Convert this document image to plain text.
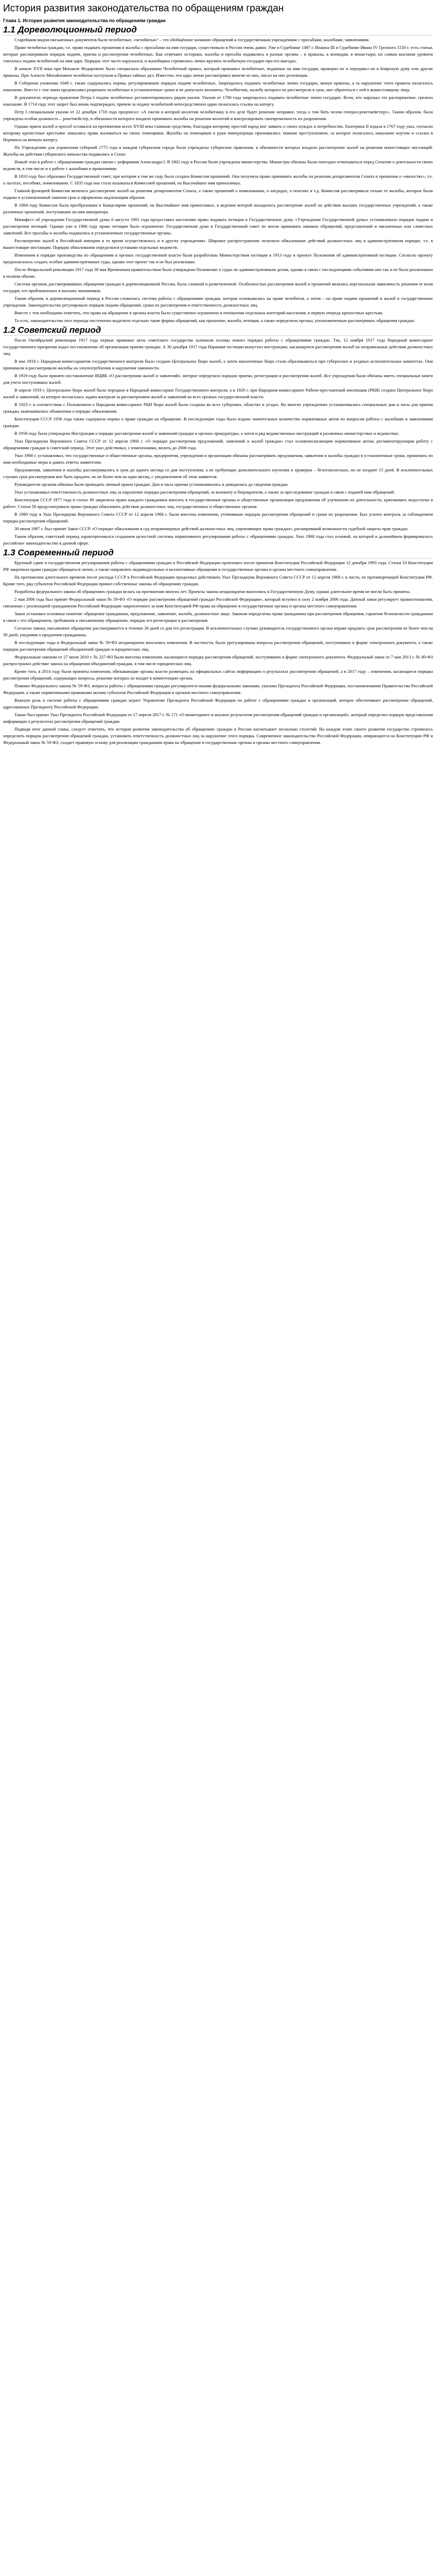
История развития законодательства по обращениям граждан
Глава 1. История развития законодательства по обращениям граждан
1.1 Дореволюционный период

Старейшим видом письменных документов были челобитные, «челобитья»¹ – это обобщённое название обращений к государственным учреждениям с просьбами, жалобами, заявлениями.

Право челобитья граждан, т.е. право подавать прошения и жалобы с просьбами на имя государя, существовало в России очень давно. Уже в Судебнике 1497 г. Иоанна III и Судебнике Ивана IV Грозного 1550 г. есть статьи, которые рассматривали порядок подачи, приема и рассмотрения челобитных. Как отмечают историки, жалобы и просьбы подавались в разные органы – в приказы, к воеводам, в монастыри, но самым высоким уровнем считалась подача челобитной на имя царя. Порядок этот часто нарушался, и жалобщики стремились лично вручить челобитную государю при его выездах.

В начале XVII века при Михаиле Федоровиче было специально образовано Челобитный приказ, который принимал челобитные, поданные на имя государя, проверял их и передавал их в Боярскую думу или другие приказы. При Алексее Михайловиче челобитья поступали в Приказ тайных дел. Известно, что царь лично рассматривал многие из них, писал на них резолюции.

В Соборном уложении 1649 г. также содержались нормы, регулировавшие порядок подачи челобитных. Запрещалось подавать челобитные лично государю, минуя приказы, а за нарушение этого правила налагалось наказание. Вместе с тем закон предписывал разрешать челобитные в установленные сроки и не допускать волокиты. Челобитчик, жалобу которого не рассмотрели в срок, мог обратиться с ней к вышестоящему лицу.

В документах периода правления Петра I подача челобитных регламентировалась рядом указов. Указом от 1700 года запрещалось подавать челобитные лично государю. Всем, кто нарушал это распоряжение, грозило наказание. В 1714 году этот запрет был вновь подтвержден, причем за подачу челобитной непосредственно царю полагалась ссылка на каторгу.

Петр I специальным указом от 22 декабря 1718 года предписал: «А ежели в которой коллегии челобитчику в его деле будет решение неправое, тогда о том бить челом генерал-рекетмейстеру». Таким образом, была учреждена особая должность – рекетмейстер, в обязанности которого входило принимать жалобы на решения коллегий и контролировать своевременность их разрешения.

Однако прием жалоб и просьб оставался на протяжении всего XVIII века главным средством, благодаря которому простой народ мог заявить о своих нуждах и потребностях. Екатерина II издала в 1767 году указ, согласно которому крепостные крестьяне лишались права жаловаться на своих помещиков. Жалобы на помещиков в руки императрицы признавались тяжким преступлением, за которое полагалось наказание кнутом и ссылка в Нерчинск на вечную каторгу.

По Учреждению для управления губерний 1775 года в каждом губернском городе были учреждены губернские правления, в обязанности которых входило рассмотрение жалоб на решения нижестоящих инстанций. Жалобы на действия губернского начальства подавались в Сенат.

Новый этап в работе с обращениями граждан связан с реформами Александра I. В 1802 году в России были учреждены министерства. Министры обязаны были ежегодно отчитываться перед Сенатом о деятельности своих ведомств, в том числе и о работе с жалобами и прошениями.

В 1810 году был образован Государственный совет, при котором в том же году была создана Комиссия прошений. Она получила право принимать жалобы на решения департаментов Сената и прошения о «милостях», т.е. о льготах, пособиях, помиловании. С 1835 года она стала называться Комиссией прошений, на Высочайшее имя приносимых.

Главной функцией Комиссии являлось рассмотрение жалоб на решения департаментов Сената, а также прошений о помиловании, о наградах, о пенсиях и т.д. Комиссия рассматривала только те жалобы, которые были поданы в установленный законом срок и оформлены надлежащим образом.

В 1884 году Комиссия была преобразована в Канцелярию прошений, на Высочайшее имя приносимых, в ведении которой находилось рассмотрение жалоб на действия высших государственных учреждений, а также различных прошений, поступавших на имя императора.

Манифест об учреждении Государственной думы 6 августа 1905 года предоставил населению право подавать петиции в Государственную думу. «Учреждение Государственной думы» устанавливало порядок подачи и рассмотрения петиций. Однако уже в 1906 году право петиции было ограничено: Государственная дума и Государственный совет не могли принимать никаких обращений, представлений и письменных или словесных заявлений. Все просьбы и жалобы подавались в установленные государственные органы.

Рассмотрение жалоб в Российской империи в то время осуществлялось и в других учреждениях. Широкое распространение получило обжалование действий должностных лиц в административном порядке, т.е. в вышестоящие инстанции. Порядок обжалования определялся уставами отдельных ведомств.

Изменения в порядке производства по обращениям в органах государственной власти были разработаны Министерством юстиции в 1913 году в проекте Положения об административной юстиции. Согласно проекту предполагалось создать особые административные суды, однако этот проект так и не был реализован.

После Февральской революции 1917 года 30 мая Временным правительством было утверждено Положение о судах по административным делам, однако в связи с последующими событиями оно так и не было реализовано в полном объеме.

Система органов, рассматривавших обращения граждан в дореволюционной России, была сложной и разветвленной. Особенностью рассмотрения жалоб и прошений являлась персональная зависимость решения от воли государя, его приближенных и высших чиновников.

Таким образом, в дореволюционный период в России сложилась система работы с обращениями граждан, которая основывалась на праве челобитья, а затем – на праве подачи прошений и жалоб в государственные учреждения. Законодательство регулировало порядок подачи обращений, сроки их рассмотрения и ответственность должностных лиц.

Вместе с тем необходимо отметить, что право на обращение в органы власти было существенно ограничено в отношении отдельных категорий населения, в первую очередь крепостных крестьян.

То есть, законодательство того периода постепенно выделило отдельно такие формы обращений, как прошение, жалоба, петиция, а также определило органы, уполномоченные рассматривать обращения граждан.

1.2 Советский период

После Октябрьской революции 1917 года первые правовые акты советского государства заложили основы нового порядка работы с обращениями граждан. Так, 12 ноября 1917 года Народный комиссариат государственного призрения издал постановление об организации приема граждан. А 30 декабря 1917 года Наркомат юстиции выпустил инструкцию, касающуюся рассмотрения жалоб на неправильные действия должностных лиц.

В мае 1918 г. Народным комиссариатом государственного контроля было создано Центральное бюро жалоб, а затем аналогичные бюро стали образовываться при губернских и уездных исполнительных комитетах. Они принимали и рассматривали жалобы на злоупотребления и нарушения законности.

В 1919 году было принято постановление ВЦИК «О рассмотрении жалоб и заявлений», которое определяло порядок приема, регистрации и рассмотрения жалоб. Все учреждения были обязаны иметь специальные книги для учета поступивших жалоб.

В апреле 1919 г. Центральное бюро жалоб было передано в Народный комиссариат Государственного контроля, а в 1920 г. при Народном комиссариате Рабоче-крестьянской инспекции (РКИ) создано Центральное бюро жалоб и заявлений, на которое возлагалась задача контроля за рассмотрением жалоб и заявлений во всех органах государственной власти.

В 1923 г. в соответствии с Положением о Народном комиссариате РКИ бюро жалоб были созданы во всех губерниях, областях и уездах. Во многих учреждениях устанавливались специальные дни и часы для приема граждан, вывешивались объявления о порядке обжалования.

Конституция СССР 1936 года также содержала нормы о праве граждан на обращение. В последующие годы было издано значительное количество нормативных актов по вопросам работы с жалобами и заявлениями граждан.

В 1958 году была утверждена Инструкция о порядке рассмотрения жалоб и заявлений граждан в органах прокуратуры, а затем и ряд ведомственных инструкций в различных министерствах и ведомствах.

Указ Президиума Верховного Совета СССР от 12 апреля 1968 г. «О порядке рассмотрения предложений, заявлений и жалоб граждан» стал основополагающим нормативным актом, регламентирующим работу с обращениями граждан в советский период. Этот указ действовал, с изменениями, вплоть до 2006 года.

Указ 1968 г. устанавливал, что государственные и общественные органы, предприятия, учреждения и организации обязаны рассматривать предложения, заявления и жалобы граждан в установленные сроки, принимать по ним необходимые меры и давать ответы заявителям.

Предложения, заявления и жалобы рассматривались в срок до одного месяца со дня поступления, а не требующие дополнительного изучения и проверки – безотлагательно, но не позднее 15 дней. В исключительных случаях срок рассмотрения мог быть продлен, но не более чем на один месяц, с уведомлением об этом заявителя.

Руководители органов обязаны были проводить личный прием граждан. Дни и часы приема устанавливались и доводились до сведения граждан.

Указ устанавливал ответственность должностных лиц за нарушение порядка рассмотрения обращений, за волокиту и бюрократизм, а также за преследование граждан в связи с подачей ими обращений.

Конституция СССР 1977 года в статье 49 закрепила право каждого гражданина вносить в государственные органы и общественные организации предложения об улучшении их деятельности, критиковать недостатки в работе. Статья 58 предусматривала право граждан обжаловать действия должностных лиц, государственных и общественных органов.

В 1980 году в Указ Президиума Верховного Совета СССР от 12 апреля 1968 г. были внесены изменения, уточнявшие порядок рассмотрения обращений и сроки их разрешения. Был усилен контроль за соблюдением порядка рассмотрения обращений.

30 июня 1987 г. был принят Закон СССР «О порядке обжалования в суд неправомерных действий должностных лиц, ущемляющих права граждан», расширивший возможности судебной защиты прав граждан.

Таким образом, советский период характеризовался созданием целостной системы нормативного регулирования работы с обращениями граждан. Указ 1968 года стал основой, на которой в дальнейшем формировалось российское законодательство в данной сфере.

1.3 Современный период

Крупный сдвиг в государственном регулировании работы с обращениями граждан в Российской Федерации произошел после принятия Конституции Российской Федерации 12 декабря 1993 года. Статья 33 Конституции РФ закрепила право граждан обращаться лично, а также направлять индивидуальные и коллективные обращения в государственные органы и органы местного самоуправления.

На протяжении длительного времени после распада СССР в Российской Федерации продолжал действовать Указ Президиума Верховного Совета СССР от 12 апреля 1968 г. в части, не противоречащей Конституции РФ. Кроме того, ряд субъектов Российской Федерации принял собственные законы об обращениях граждан.

Разработка федерального закона об обращениях граждан велась на протяжении многих лет. Проекты закона неоднократно вносились в Государственную Думу, однако длительное время не могли быть приняты.

2 мая 2006 года был принят Федеральный закон № 59-ФЗ «О порядке рассмотрения обращений граждан Российской Федерации», который вступил в силу 2 ноября 2006 года. Данный закон регулирует правоотношения, связанные с реализацией гражданином Российской Федерации закрепленного за ним Конституцией РФ права на обращение в государственные органы и органы местного самоуправления.

Закон установил основные понятия: обращение гражданина, предложение, заявление, жалоба, должностное лицо. Законом определены права гражданина при рассмотрении обращения, гарантии безопасности гражданина в связи с его обращением, требования к письменному обращению, порядок его регистрации и рассмотрения.

Согласно закону, письменное обращение рассматривается в течение 30 дней со дня его регистрации. В исключительных случаях руководитель государственного органа вправе продлить срок рассмотрения не более чем на 30 дней, уведомив о продлении гражданина.

В последующие годы в Федеральный закон № 59-ФЗ неоднократно вносились изменения. В частности, были урегулированы вопросы рассмотрения обращений, поступивших в форме электронного документа, а также порядок рассмотрения обращений объединений граждан и юридических лиц.

Федеральным законом от 27 июля 2010 г. № 227-ФЗ были внесены изменения, касающиеся порядка рассмотрения обращений, поступивших в форме электронного документа. Федеральный закон от 7 мая 2013 г. № 80-ФЗ распространил действие закона на обращения объединений граждан, в том числе юридических лиц.

Кроме того, в 2014 году были приняты изменения, обязывающие органы власти размещать на официальных сайтах информацию о результатах рассмотрения обращений, а в 2017 году – изменения, касающиеся порядка рассмотрения обращений, содержащих вопросы, решение которых не входит в компетенцию органа.

Помимо Федерального закона № 59-ФЗ, вопросы работы с обращениями граждан регулируются иными федеральными законами, указами Президента Российской Федерации, постановлениями Правительства Российской Федерации, а также нормативными правовыми актами субъектов Российской Федерации и органов местного самоуправления.

Важную роль в системе работы с обращениями граждан играет Управление Президента Российской Федерации по работе с обращениями граждан и организаций, которое обеспечивает рассмотрение обращений, адресованных Президенту Российской Федерации.

Также был принят Указ Президента Российской Федерации от 17 апреля 2017 г. № 171 «О мониторинге и анализе результатов рассмотрения обращений граждан и организаций», который определил порядок представления информации о результатах рассмотрения обращений граждан.

Подводя итог данной главы, следует отметить, что история развития законодательства об обращениях граждан в России насчитывает несколько столетий. На каждом этапе своего развития государство стремилось определить порядок рассмотрения обращений граждан, установить ответственность должностных лиц за нарушение этого порядка. Современное законодательство Российской Федерации, опирающееся на Конституцию РФ и Федеральный закон № 59-ФЗ, создает правовую основу для реализации гражданами права на обращение в государственные органы и органы местного самоуправления.
